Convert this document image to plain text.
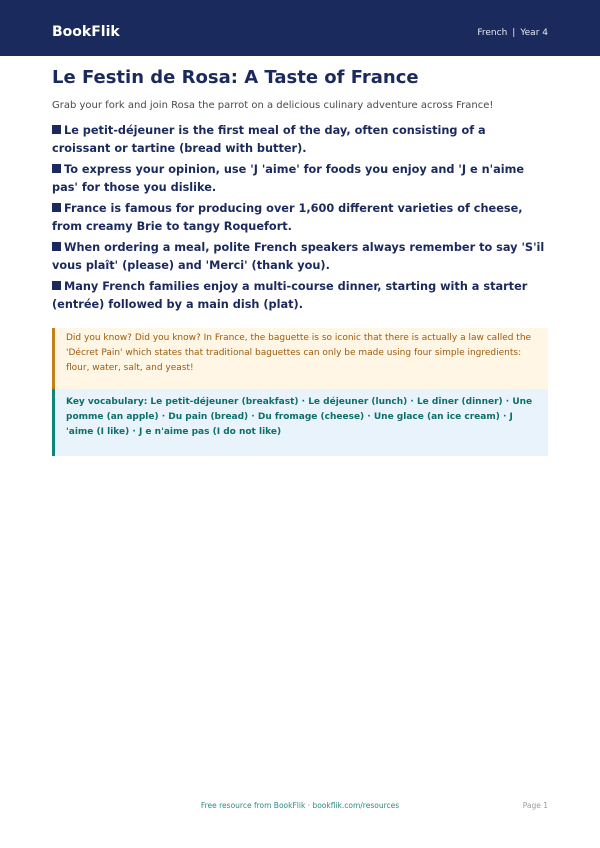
BookFlik	French | Year 4
Le Festin de Rosa: A Taste of France

Grab your fork and join Rosa the parrot on a delicious culinary adventure across France!

Le petit-déjeuner is the first meal of the day, often consisting of a croissant or tartine (bread with butter).
To express your opinion, use 'J 'aime' for foods you enjoy and 'J e n'aime pas' for those you dislike.
France is famous for producing over 1,600 different varieties of cheese, from creamy Brie to tangy Roquefort.
When ordering a meal, polite French speakers always remember to say 'S'il vous plaît' (please) and 'Merci' (thank you).
Many French families enjoy a multi-course dinner, starting with a starter (entrée) followed by a main dish (plat).

Did you know? Did you know? In France, the baguette is so iconic that there is actually a law called the 'Décret Pain' which states that traditional baguettes can only be made using four simple ingredients: flour, water, salt, and yeast!

Key vocabulary: Le petit-déjeuner (breakfast) · Le déjeuner (lunch) · Le dîner (dinner) · Une pomme (an apple) · Du pain (bread) · Du fromage (cheese) · Une glace (an ice cream) · J 'aime (I like) · J e n'aime pas (I do not like)

Free resource from BookFlik · bookflik.com/resources	Page 1
